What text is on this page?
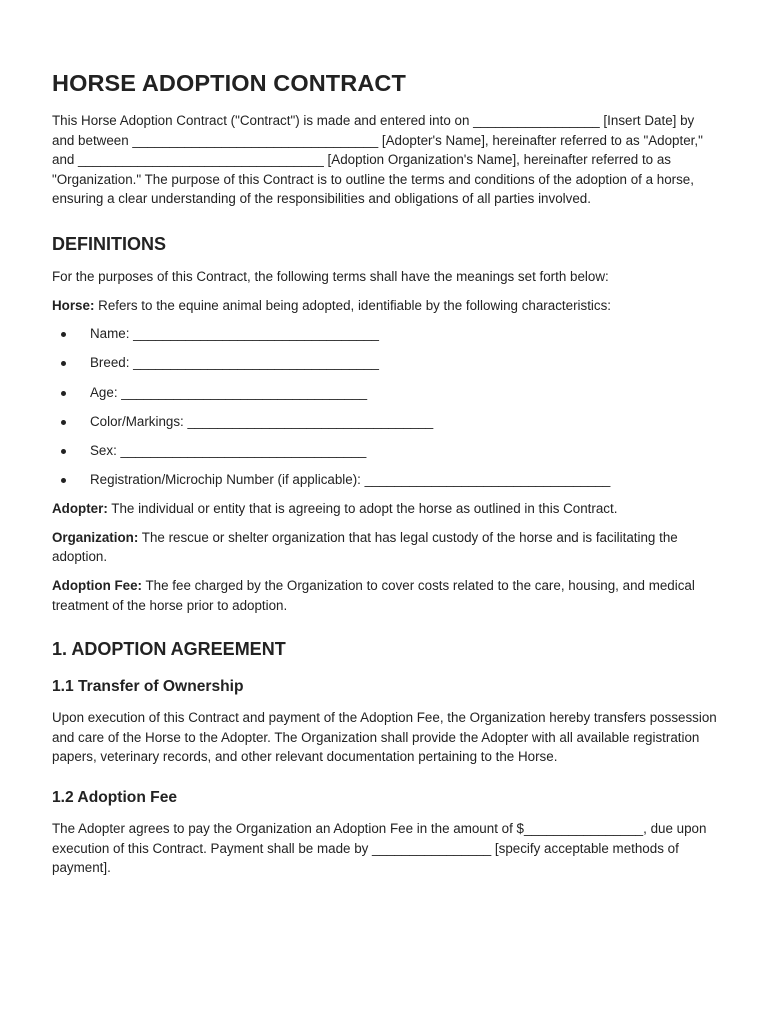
HORSE ADOPTION CONTRACT

This Horse Adoption Contract ("Contract") is made and entered into on _________________ [Insert Date] by and between _________________________________ [Adopter's Name], hereinafter referred to as "Adopter," and _________________________________ [Adoption Organization's Name], hereinafter referred to as "Organization." The purpose of this Contract is to outline the terms and conditions of the adoption of a horse, ensuring a clear understanding of the responsibilities and obligations of all parties involved.

DEFINITIONS

For the purposes of this Contract, the following terms shall have the meanings set forth below:

Horse: Refers to the equine animal being adopted, identifiable by the following characteristics:

Name: _________________________________
Breed: _________________________________
Age: _________________________________
Color/Markings: _________________________________
Sex: _________________________________
Registration/Microchip Number (if applicable): _________________________________

Adopter: The individual or entity that is agreeing to adopt the horse as outlined in this Contract.

Organization: The rescue or shelter organization that has legal custody of the horse and is facilitating the adoption.

Adoption Fee: The fee charged by the Organization to cover costs related to the care, housing, and medical treatment of the horse prior to adoption.

1. ADOPTION AGREEMENT
1.1 Transfer of Ownership

Upon execution of this Contract and payment of the Adoption Fee, the Organization hereby transfers possession and care of the Horse to the Adopter. The Organization shall provide the Adopter with all available registration papers, veterinary records, and other relevant documentation pertaining to the Horse.

1.2 Adoption Fee

The Adopter agrees to pay the Organization an Adoption Fee in the amount of $________________, due upon execution of this Contract. Payment shall be made by ________________ [specify acceptable methods of payment].
